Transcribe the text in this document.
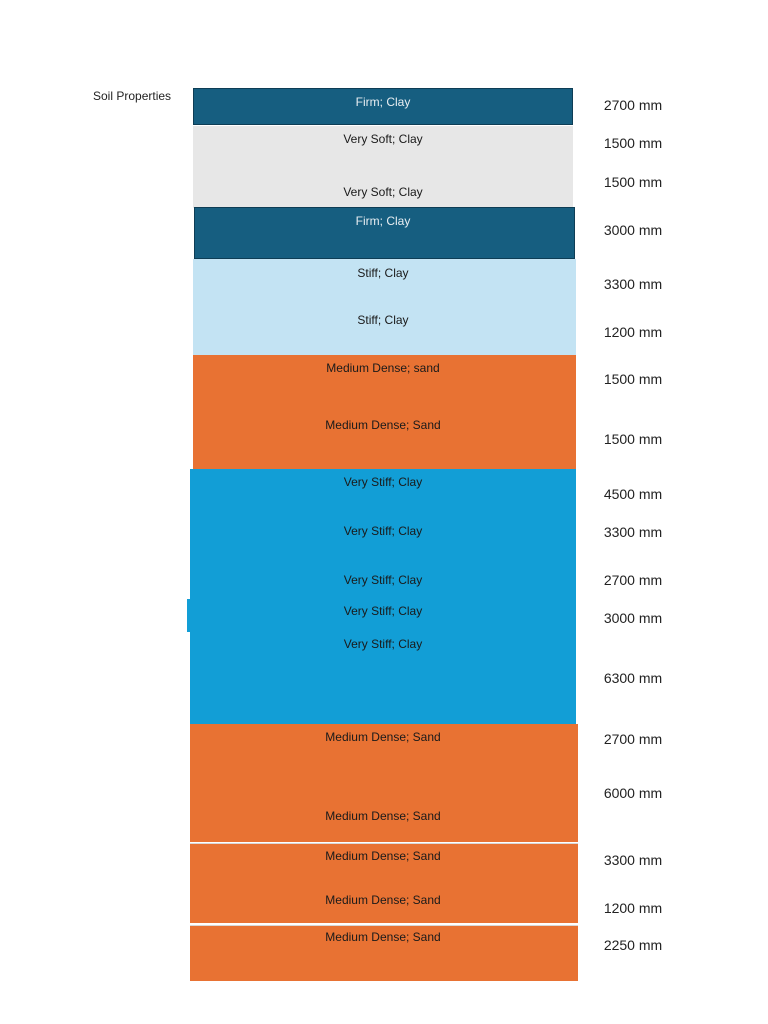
Soil Properties	Firm; Clay
Very Soft; Clay
Very Soft; Clay
Firm; Clay
Stiff; Clay
Stiff; Clay
Medium Dense; sand
Medium Dense; Sand
Very Stiff; Clay
Very Stiff; Clay
Very Stiff; Clay
Very Stiff; Clay
Very Stiff; Clay
Medium Dense; Sand
Medium Dense; Sand
Medium Dense; Sand
Medium Dense; Sand
Medium Dense; Sand
2700 mm
1500 mm
1500 mm
3000 mm
3300 mm
1200 mm
1500 mm
1500 mm
4500 mm
3300 mm
2700 mm
3000 mm
6300 mm
2700 mm
6000 mm
3300 mm
1200 mm
2250 mm
